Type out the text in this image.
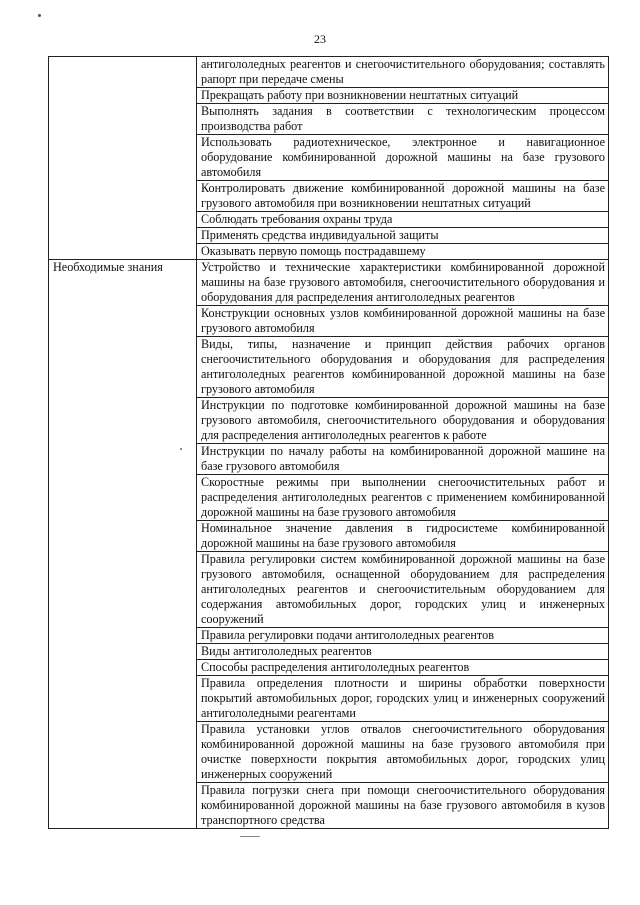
23
	антигололедных реагентов и снегоочистительного оборудования; составлять рапорт при передаче смены
	Прекращать работу при возникновении нештатных ситуаций
	Выполнять задания в соответствии с технологическим процессом производства работ
	Использовать радиотехническое, электронное и навигационное оборудование комбинированной дорожной машины на базе грузового автомобиля
	Контролировать движение комбинированной дорожной машины на базе грузового автомобиля при возникновении нештатных ситуаций
	Соблюдать требования охраны труда
	Применять средства индивидуальной защиты
	Оказывать первую помощь пострадавшему
Необходимые знания	Устройство и технические характеристики комбинированной дорожной машины на базе грузового автомобиля, снегоочистительного оборудования и оборудования для распределения антигололедных реагентов
	Конструкции основных узлов комбинированной дорожной машины на базе грузового автомобиля
	Виды, типы, назначение и принцип действия рабочих органов снегоочистительного оборудования и оборудования для распределения антигололедных реагентов комбинированной дорожной машины на базе грузового автомобиля
	Инструкции по подготовке комбинированной дорожной машины на базе грузового автомобиля, снегоочистительного оборудования и оборудования для распределения антигололедных реагентов к работе
	Инструкции по началу работы на комбинированной дорожной машине на базе грузового автомобиля
	Скоростные режимы при выполнении снегоочистительных работ и распределения антигололедных реагентов с применением комбинированной дорожной машины на базе грузового автомобиля
	Номинальное значение давления в гидросистеме комбинированной дорожной машины на базе грузового автомобиля
	Правила регулировки систем комбинированной дорожной машины на базе грузового автомобиля, оснащенной оборудованием для распределения антигололедных реагентов и снегоочистительным оборудованием для содержания автомобильных дорог, городских улиц и инженерных сооружений
	Правила регулировки подачи антигололедных реагентов
	Виды антигололедных реагентов
	Способы распределения антигололедных реагентов
	Правила определения плотности и ширины обработки поверхности покрытий автомобильных дорог, городских улиц и инженерных сооружений антигололедными реагентами
	Правила установки углов отвалов снегоочистительного оборудования комбинированной дорожной машины на базе грузового автомобиля при очистке поверхности покрытия автомобильных дорог, городских улиц инженерных сооружений
	Правила погрузки снега при помощи снегоочистительного оборудования комбинированной дорожной машины на базе грузового автомобиля в кузов транспортного средства
